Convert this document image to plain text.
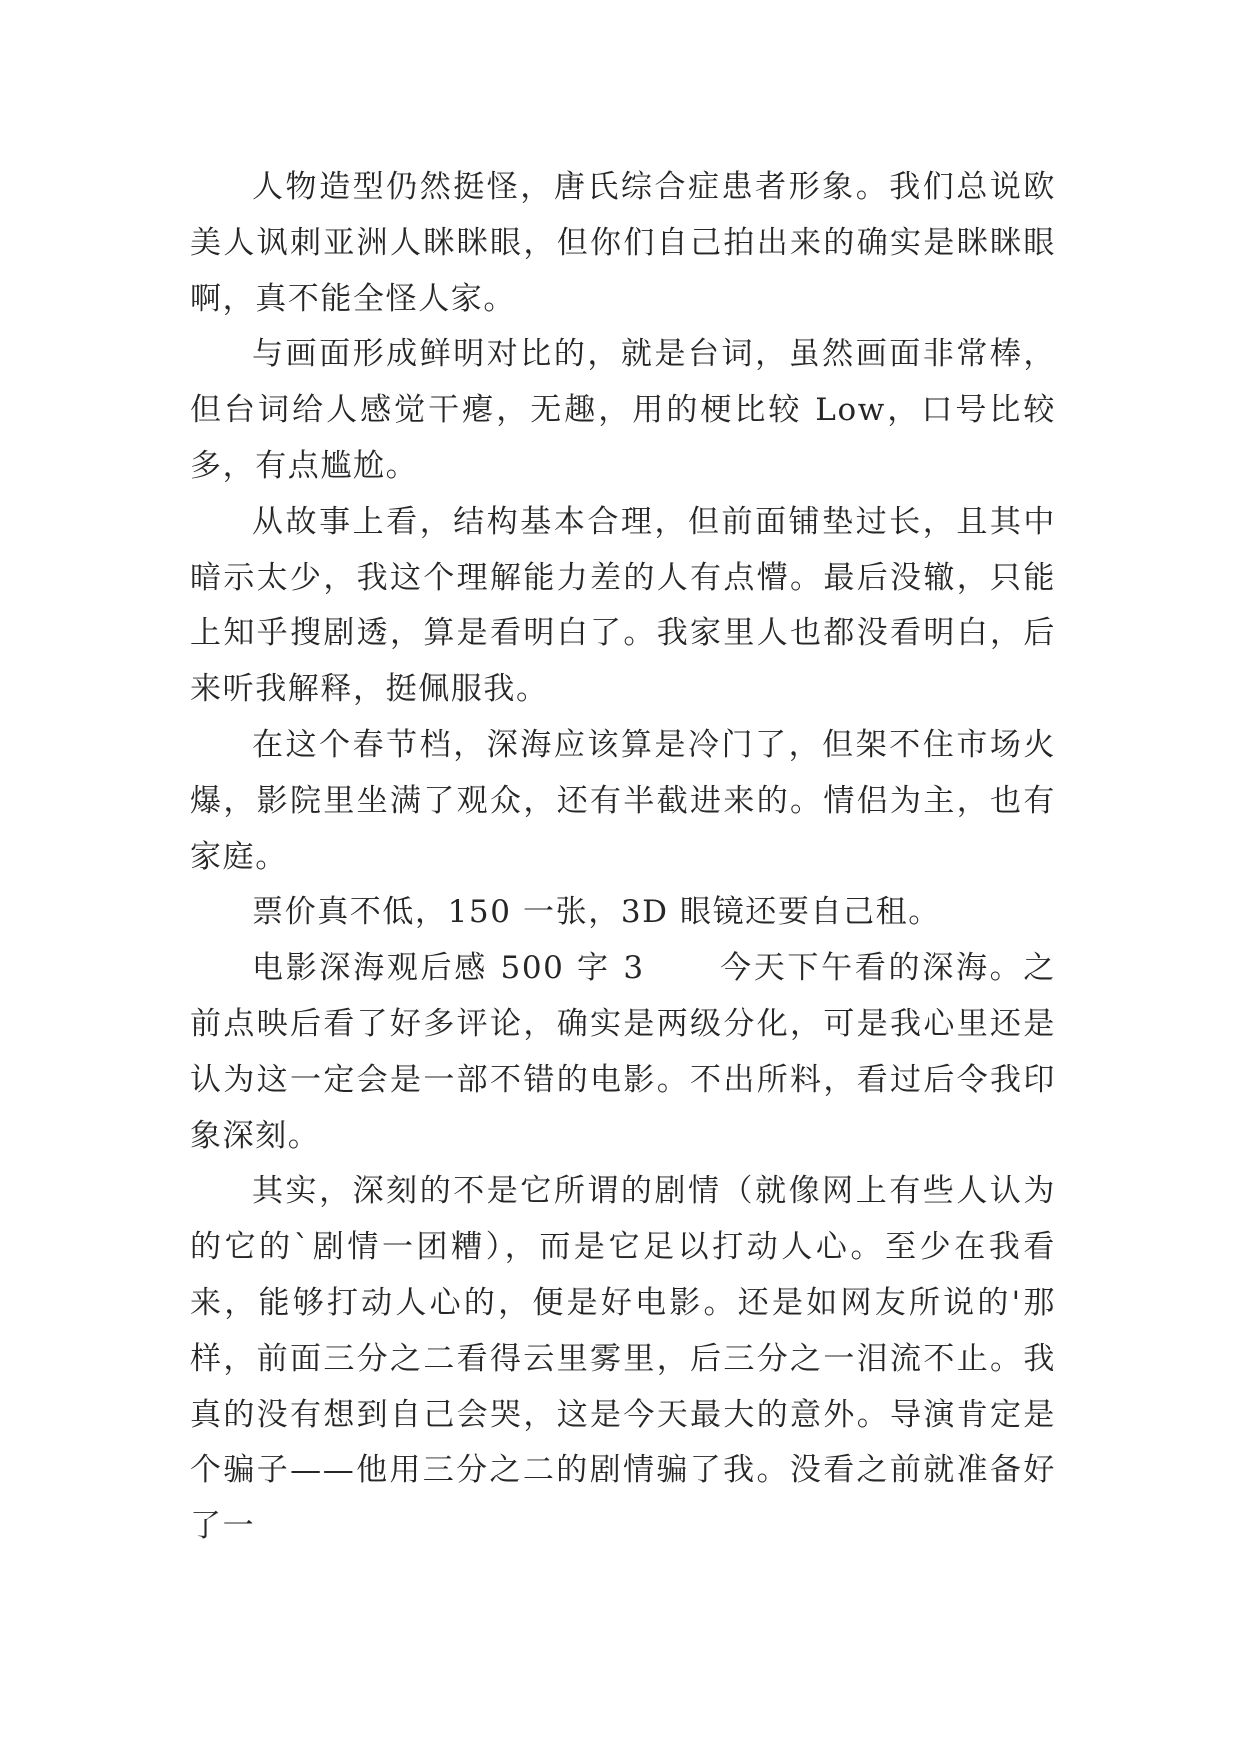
人物造型仍然挺怪，唐氏综合症患者形象。我们总说欧美人讽刺亚洲人眯眯眼，但你们自己拍出来的确实是眯眯眼啊，真不能全怪人家。

与画面形成鲜明对比的，就是台词，虽然画面非常棒，但台词给人感觉干瘪，无趣，用的梗比较 Low，口号比较多，有点尴尬。

从故事上看，结构基本合理，但前面铺垫过长，且其中暗示太少，我这个理解能力差的人有点懵。最后没辙，只能上知乎搜剧透，算是看明白了。我家里人也都没看明白，后来听我解释，挺佩服我。

在这个春节档，深海应该算是冷门了，但架不住市场火爆，影院里坐满了观众，还有半截进来的。情侣为主，也有家庭。

票价真不低，150 一张，3D 眼镜还要自己租。

电影深海观后感 500 字 3      今天下午看的深海。之前点映后看了好多评论，确实是两级分化，可是我心里还是认为这一定会是一部不错的电影。不出所料，看过后令我印象深刻。

其实，深刻的不是它所谓的剧情（就像网上有些人认为的它的`剧情一团糟），而是它足以打动人心。至少在我看来，能够打动人心的，便是好电影。还是如网友所说的'那样，前面三分之二看得云里雾里，后三分之一泪流不止。我真的没有想到自己会哭，这是今天最大的意外。导演肯定是个骗子——他用三分之二的剧情骗了我。没看之前就准备好了一
